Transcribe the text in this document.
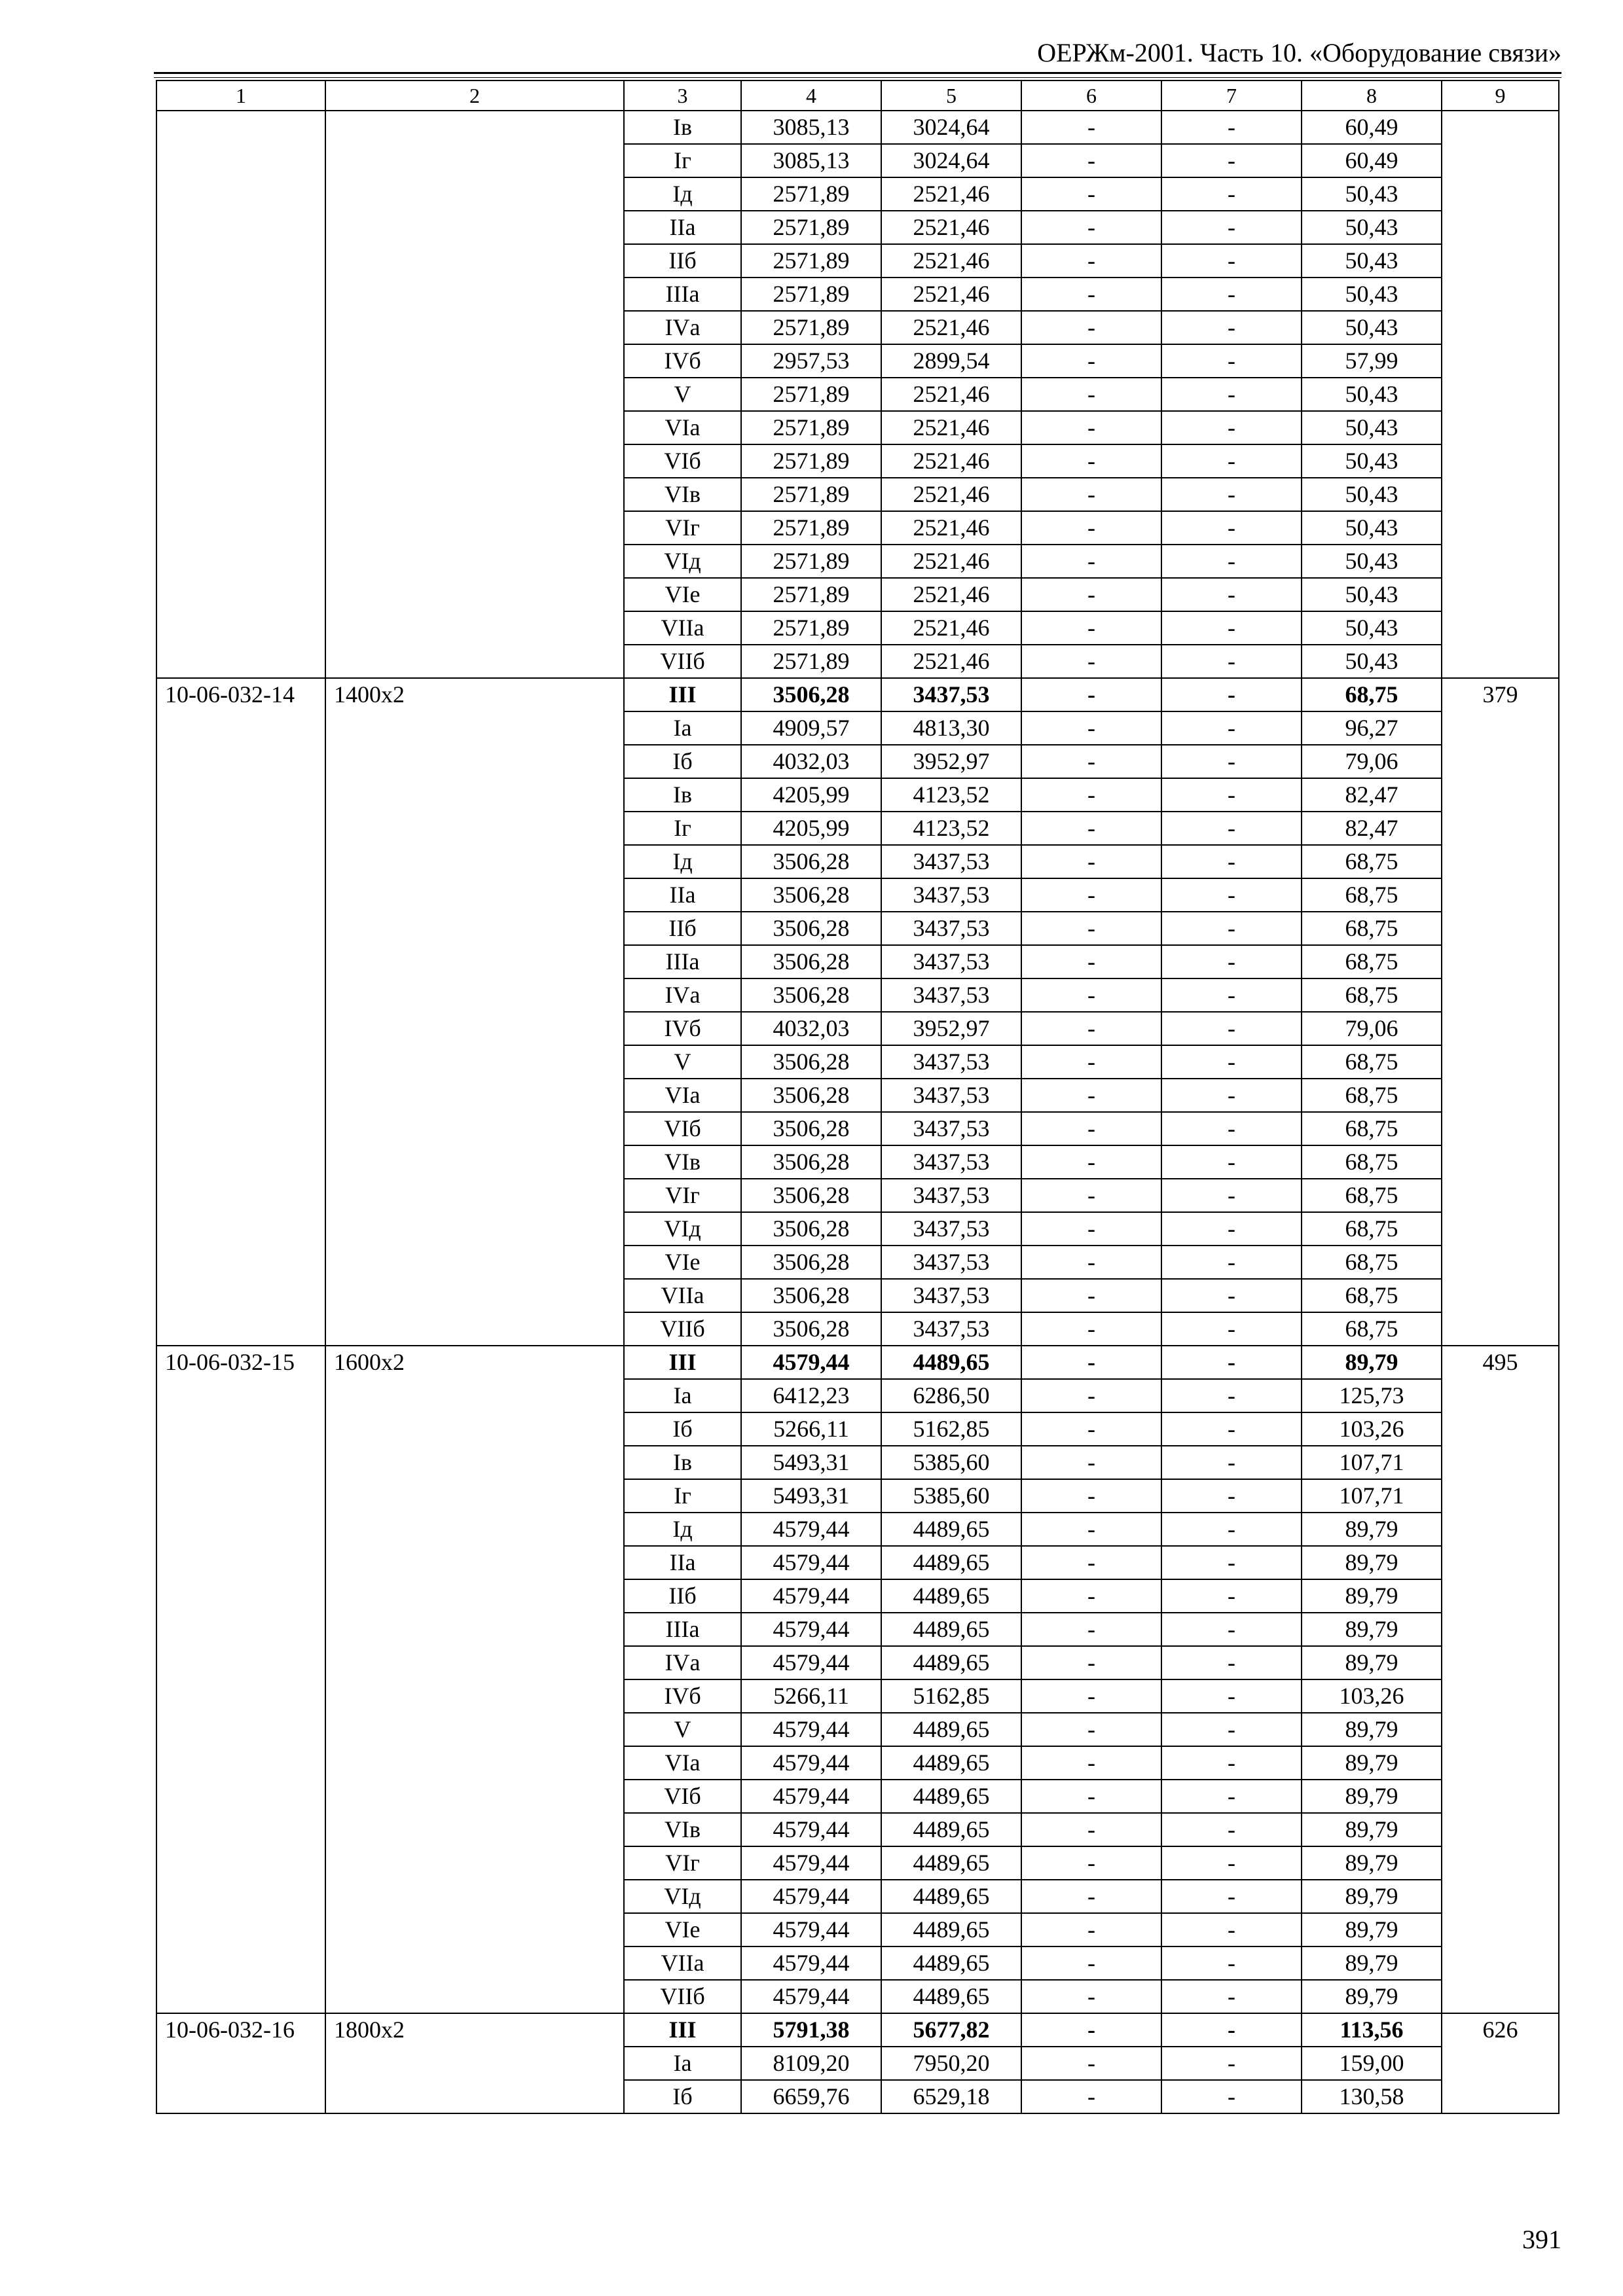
ОЕРЖм-2001. Часть 10. «Оборудование связи»
1	2	3	4	5	6	7	8	9
		Iв	3085,13	3024,64	-	-	60,49	
		Iг	3085,13	3024,64	-	-	60,49	
		Iд	2571,89	2521,46	-	-	50,43	
		IIа	2571,89	2521,46	-	-	50,43	
		IIб	2571,89	2521,46	-	-	50,43	
		IIIа	2571,89	2521,46	-	-	50,43	
		IVа	2571,89	2521,46	-	-	50,43	
		IVб	2957,53	2899,54	-	-	57,99	
		V	2571,89	2521,46	-	-	50,43	
		VIа	2571,89	2521,46	-	-	50,43	
		VIб	2571,89	2521,46	-	-	50,43	
		VIв	2571,89	2521,46	-	-	50,43	
		VIг	2571,89	2521,46	-	-	50,43	
		VIд	2571,89	2521,46	-	-	50,43	
		VIе	2571,89	2521,46	-	-	50,43	
		VIIа	2571,89	2521,46	-	-	50,43	
		VIIб	2571,89	2521,46	-	-	50,43	
10-06-032-14	1400x2	III	3506,28	3437,53	-	-	68,75	379
		Iа	4909,57	4813,30	-	-	96,27	
		Iб	4032,03	3952,97	-	-	79,06	
		Iв	4205,99	4123,52	-	-	82,47	
		Iг	4205,99	4123,52	-	-	82,47	
		Iд	3506,28	3437,53	-	-	68,75	
		IIа	3506,28	3437,53	-	-	68,75	
		IIб	3506,28	3437,53	-	-	68,75	
		IIIа	3506,28	3437,53	-	-	68,75	
		IVа	3506,28	3437,53	-	-	68,75	
		IVб	4032,03	3952,97	-	-	79,06	
		V	3506,28	3437,53	-	-	68,75	
		VIа	3506,28	3437,53	-	-	68,75	
		VIб	3506,28	3437,53	-	-	68,75	
		VIв	3506,28	3437,53	-	-	68,75	
		VIг	3506,28	3437,53	-	-	68,75	
		VIд	3506,28	3437,53	-	-	68,75	
		VIе	3506,28	3437,53	-	-	68,75	
		VIIа	3506,28	3437,53	-	-	68,75	
		VIIб	3506,28	3437,53	-	-	68,75	
10-06-032-15	1600x2	III	4579,44	4489,65	-	-	89,79	495
		Iа	6412,23	6286,50	-	-	125,73	
		Iб	5266,11	5162,85	-	-	103,26	
		Iв	5493,31	5385,60	-	-	107,71	
		Iг	5493,31	5385,60	-	-	107,71	
		Iд	4579,44	4489,65	-	-	89,79	
		IIа	4579,44	4489,65	-	-	89,79	
		IIб	4579,44	4489,65	-	-	89,79	
		IIIа	4579,44	4489,65	-	-	89,79	
		IVа	4579,44	4489,65	-	-	89,79	
		IVб	5266,11	5162,85	-	-	103,26	
		V	4579,44	4489,65	-	-	89,79	
		VIа	4579,44	4489,65	-	-	89,79	
		VIб	4579,44	4489,65	-	-	89,79	
		VIв	4579,44	4489,65	-	-	89,79	
		VIг	4579,44	4489,65	-	-	89,79	
		VIд	4579,44	4489,65	-	-	89,79	
		VIе	4579,44	4489,65	-	-	89,79	
		VIIа	4579,44	4489,65	-	-	89,79	
		VIIб	4579,44	4489,65	-	-	89,79	
10-06-032-16	1800x2	III	5791,38	5677,82	-	-	113,56	626
		Iа	8109,20	7950,20	-	-	159,00	
		Iб	6659,76	6529,18	-	-	130,58	
391
